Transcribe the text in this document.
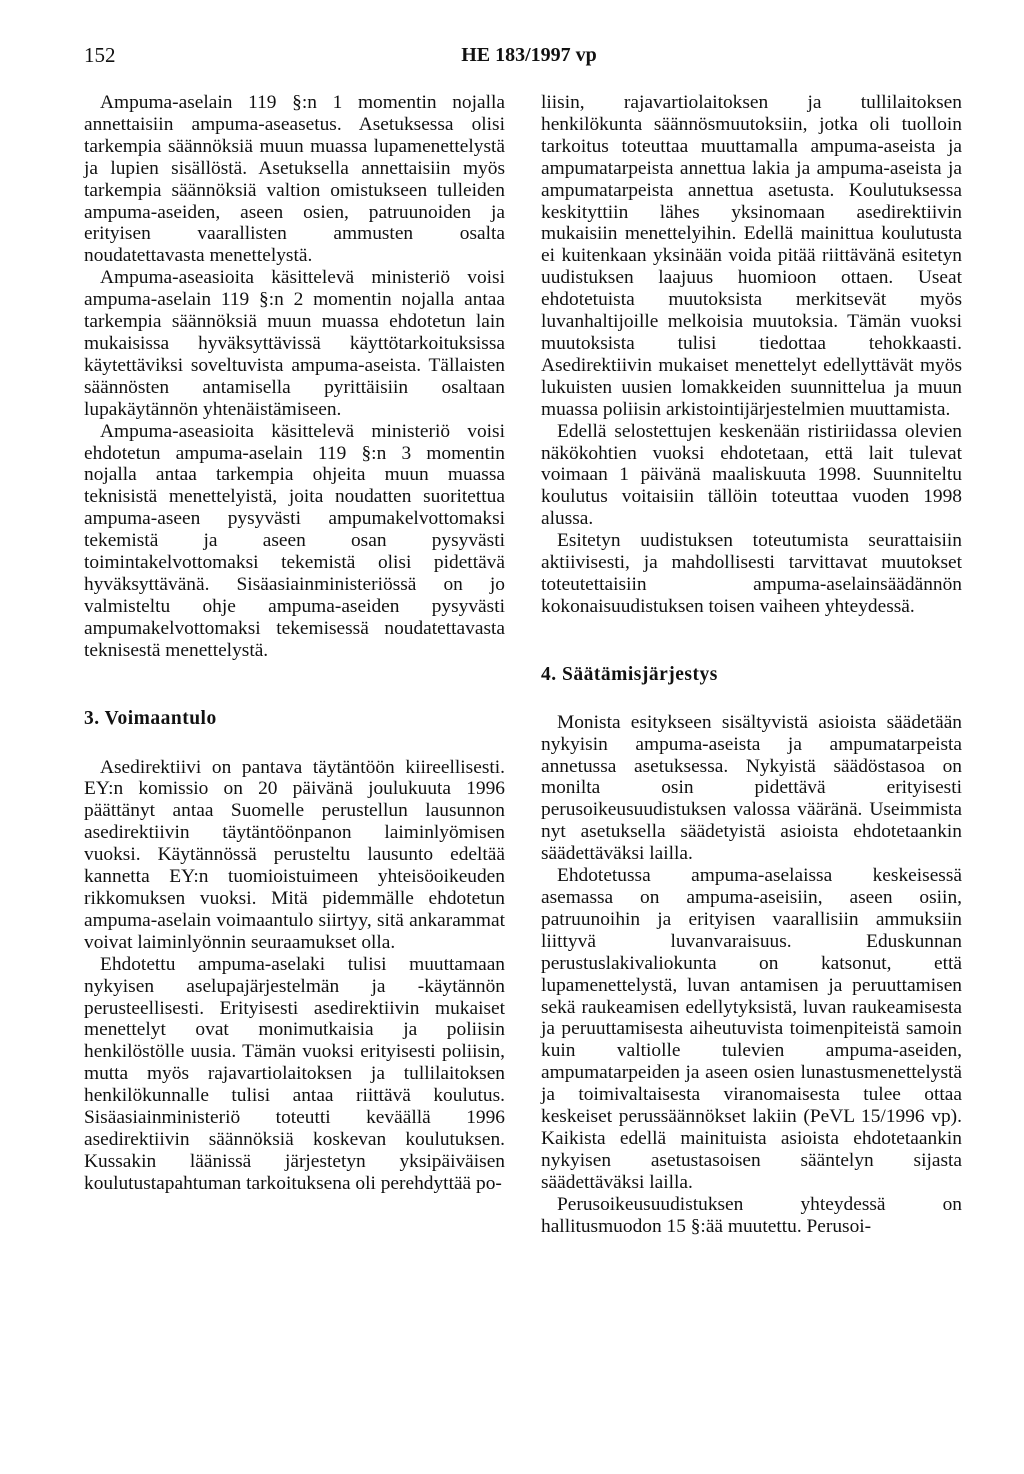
152	HE 183/1997 vp

Ampuma-aselain 119 §:n 1 momentin nojalla annettaisiin ampuma-aseasetus. Asetuksessa olisi tarkempia säännöksiä muun muassa lupamenettelystä ja lupien sisällöstä. Asetuksella annettaisiin myös tarkempia säännöksiä valtion omistukseen tulleiden ampuma-aseiden, aseen osien, patruunoiden ja erityisen vaarallisten ammusten osalta noudatettavasta menettelystä.

Ampuma-aseasioita käsittelevä ministeriö voisi ampuma-aselain 119 §:n 2 momentin nojalla antaa tarkempia säännöksiä muun muassa ehdotetun lain mukaisissa hyväksyttävissä käyttötarkoituksissa käytettäviksi soveltuvista ampuma-aseista. Tällaisten säännösten antamisella pyrittäisiin osaltaan lupakäytännön yhtenäistämiseen.

Ampuma-aseasioita käsittelevä ministeriö voisi ehdotetun ampuma-aselain 119 §:n 3 momentin nojalla antaa tarkempia ohjeita muun muassa teknisistä menettelyistä, joita noudatten suoritettua ampuma-aseen pysyvästi ampumakelvottomaksi tekemistä ja aseen osan pysyvästi toimintakelvottomaksi tekemistä olisi pidettävä hyväksyttävänä. Sisäasiainministeriössä on jo valmisteltu ohje ampuma-aseiden pysyvästi ampumakelvottomaksi tekemisessä noudatettavasta teknisestä menettelystä.

3. Voimaantulo

Asedirektiivi on pantava täytäntöön kiireellisesti. EY:n komissio on 20 päivänä joulukuuta 1996 päättänyt antaa Suomelle perustellun lausunnon asedirektiivin täytäntöönpanon laiminlyömisen vuoksi. Käytännössä perusteltu lausunto edeltää kannetta EY:n tuomioistuimeen yhteisöoikeuden rikkomuksen vuoksi. Mitä pidemmälle ehdotetun ampuma-aselain voimaantulo siirtyy, sitä ankarammat voivat laiminlyönnin seuraamukset olla.

Ehdotettu ampuma-aselaki tulisi muuttamaan nykyisen aselupajärjestelmän ja -käytännön perusteellisesti. Erityisesti asedirektiivin mukaiset menettelyt ovat monimutkaisia ja poliisin henkilöstölle uusia. Tämän vuoksi erityisesti poliisin, mutta myös rajavartiolaitoksen ja tullilaitoksen henkilökunnalle tulisi antaa riittävä koulutus. Sisäasiainministeriö toteutti keväällä 1996 asedirektiivin säännöksiä koskevan koulutuksen. Kussakin läänissä järjestetyn yksipäiväisen koulutustapahtuman tarkoituksena oli perehdyttää po-

liisin, rajavartiolaitoksen ja tullilaitoksen henkilökunta säännösmuutoksiin, jotka oli tuolloin tarkoitus toteuttaa muuttamalla ampuma-aseista ja ampumatarpeista annettua lakia ja ampuma-aseista ja ampumatarpeista annettua asetusta. Koulutuksessa keskityttiin lähes yksinomaan asedirektiivin mukaisiin menettelyihin. Edellä mainittua koulutusta ei kuitenkaan yksinään voida pitää riittävänä esitetyn uudistuksen laajuus huomioon ottaen. Useat ehdotetuista muutoksista merkitsevät myös luvanhaltijoille melkoisia muutoksia. Tämän vuoksi muutoksista tulisi tiedottaa tehokkaasti. Asedirektiivin mukaiset menettelyt edellyttävät myös lukuisten uusien lomakkeiden suunnittelua ja muun muassa poliisin arkistointijärjestelmien muuttamista.

Edellä selostettujen keskenään ristiriidassa olevien näkökohtien vuoksi ehdotetaan, että lait tulevat voimaan 1 päivänä maaliskuuta 1998. Suunniteltu koulutus voitaisiin tällöin toteuttaa vuoden 1998 alussa.

Esitetyn uudistuksen toteutumista seurattaisiin aktiivisesti, ja mahdollisesti tarvittavat muutokset toteutettaisiin ampuma-aselainsäädännön kokonaisuudistuksen toisen vaiheen yhteydessä.

4. Säätämisjärjestys

Monista esitykseen sisältyvistä asioista säädetään nykyisin ampuma-aseista ja ampumatarpeista annetussa asetuksessa. Nykyistä säädöstasoa on monilta osin pidettävä erityisesti perusoikeusuudistuksen valossa vääränä. Useimmista nyt asetuksella säädetyistä asioista ehdotetaankin säädettäväksi lailla.

Ehdotetussa ampuma-aselaissa keskeisessä asemassa on ampuma-aseisiin, aseen osiin, patruunoihin ja erityisen vaarallisiin ammuksiin liittyvä luvanvaraisuus. Eduskunnan perustuslakivaliokunta on katsonut, että lupamenettelystä, luvan antamisen ja peruuttamisen sekä raukeamisen edellytyksistä, luvan raukeamisesta ja peruuttamisesta aiheutuvista toimenpiteistä samoin kuin valtiolle tulevien ampuma-aseiden, ampumatarpeiden ja aseen osien lunastusmenettelystä ja toimivaltaisesta viranomaisesta tulee ottaa keskeiset perussäännökset lakiin (PeVL 15/1996 vp). Kaikista edellä mainituista asioista ehdotetaankin nykyisen asetustasoisen sääntelyn sijasta säädettäväksi lailla.

Perusoikeusuudistuksen yhteydessä on hallitusmuodon 15 §:ää muutettu. Perusoi-
